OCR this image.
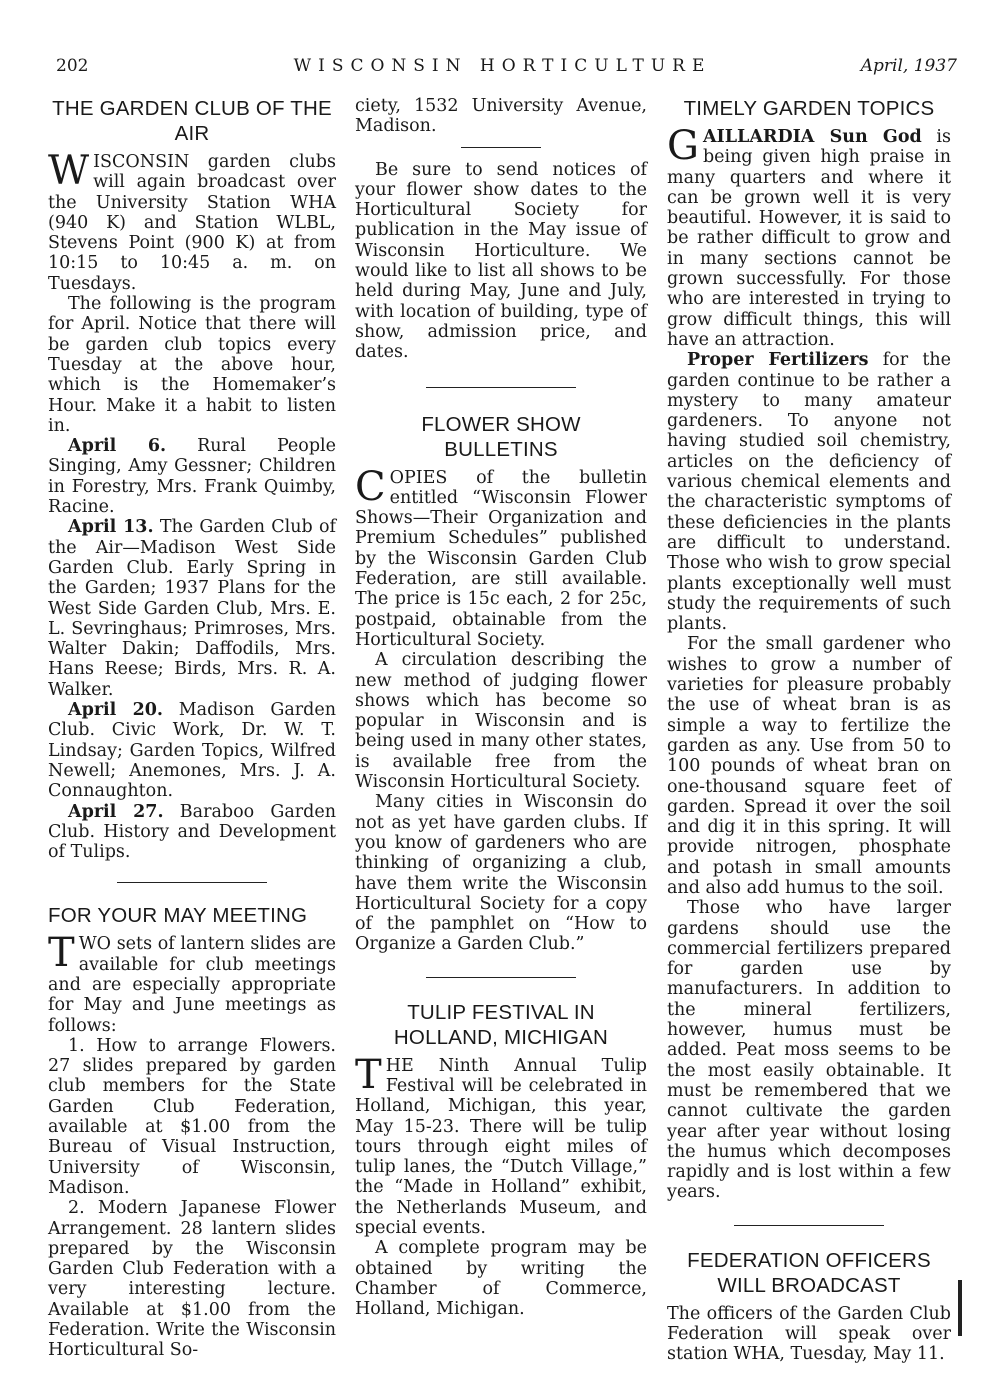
202	WISCONSIN HORTICULTURE	April, 1937
THE GARDEN CLUB OF THE AIR

WISCONSIN garden clubs will again broadcast over the University Station WHA (940 K) and Station WLBL, Stevens Point (900 K) at from 10:15 to 10:45 a. m. on Tuesdays.

The following is the program for April. Notice that there will be garden club topics every Tuesday at the above hour, which is the Homemaker’s Hour. Make it a habit to listen in.

April 6. Rural People Singing, Amy Gessner; Children in Forestry, Mrs. Frank Quimby, Racine.

April 13. The Garden Club of the Air—Madison West Side Garden Club. Early Spring in the Garden; 1937 Plans for the West Side Garden Club, Mrs. E. L. Sevringhaus; Primroses, Mrs. Walter Dakin; Daffodils, Mrs. Hans Reese; Birds, Mrs. R. A. Walker.

April 20. Madison Garden Club. Civic Work, Dr. W. T. Lindsay; Garden Topics, Wilfred Newell; Anemones, Mrs. J. A. Connaughton.

April 27. Baraboo Garden Club. History and Development of Tulips.

FOR YOUR MAY MEETING

TWO sets of lantern slides are available for club meetings and are especially appropriate for May and June meetings as follows:

1. How to arrange Flowers. 27 slides prepared by garden club members for the State Garden Club Federation, available at $1.00 from the Bureau of Visual Instruction, University of Wisconsin, Madison.

2. Modern Japanese Flower Arrangement. 28 lantern slides prepared by the Wisconsin Garden Club Federation with a very interesting lecture. Available at $1.00 from the Federation. Write the Wisconsin Horticultural So-

ciety, 1532 University Avenue, Madison.

Be sure to send notices of your flower show dates to the Horticultural Society for publication in the May issue of Wisconsin Horticulture. We would like to list all shows to be held during May, June and July, with location of building, type of show, admission price, and dates.

FLOWER SHOW BULLETINS

COPIES of the bulletin entitled “Wisconsin Flower Shows—Their Organization and Premium Schedules” published by the Wisconsin Garden Club Federation, are still available. The price is 15c each, 2 for 25c, postpaid, obtainable from the Horticultural Society.

A circulation describing the new method of judging flower shows which has become so popular in Wisconsin and is being used in many other states, is available free from the Wisconsin Horticultural Society.

Many cities in Wisconsin do not as yet have garden clubs. If you know of gardeners who are thinking of organizing a club, have them write the Wisconsin Horticultural Society for a copy of the pamphlet on “How to Organize a Garden Club.”

TULIP FESTIVAL IN HOLLAND, MICHIGAN

THE Ninth Annual Tulip Festival will be celebrated in Holland, Michigan, this year, May 15-23. There will be tulip tours through eight miles of tulip lanes, the “Dutch Village,” the “Made in Holland” exhibit, the Netherlands Museum, and special events.

A complete program may be obtained by writing the Chamber of Commerce, Holland, Michigan.

TIMELY GARDEN TOPICS

GAILLARDIA Sun God is being given high praise in many quarters and where it can be grown well it is very beautiful. However, it is said to be rather difficult to grow and in many sections cannot be grown successfully. For those who are interested in trying to grow difficult things, this will have an attraction.

Proper Fertilizers for the garden continue to be rather a mystery to many amateur gardeners. To anyone not having studied soil chemistry, articles on the deficiency of various chemical elements and the characteristic symptoms of these deficiencies in the plants are difficult to understand. Those who wish to grow special plants exceptionally well must study the requirements of such plants.

For the small gardener who wishes to grow a number of varieties for pleasure probably the use of wheat bran is as simple a way to fertilize the garden as any. Use from 50 to 100 pounds of wheat bran on one-thousand square feet of garden. Spread it over the soil and dig it in this spring. It will provide nitrogen, phosphate and potash in small amounts and also add humus to the soil.

Those who have larger gardens should use the commercial fertilizers prepared for garden use by manufacturers. In addition to the mineral fertilizers, however, humus must be added. Peat moss seems to be the most easily obtainable. It must be remembered that we cannot cultivate the garden year after year without losing the humus which decomposes rapidly and is lost within a few years.

FEDERATION OFFICERS WILL BROADCAST

The officers of the Garden Club Federation will speak over station WHA, Tuesday, May 11.
